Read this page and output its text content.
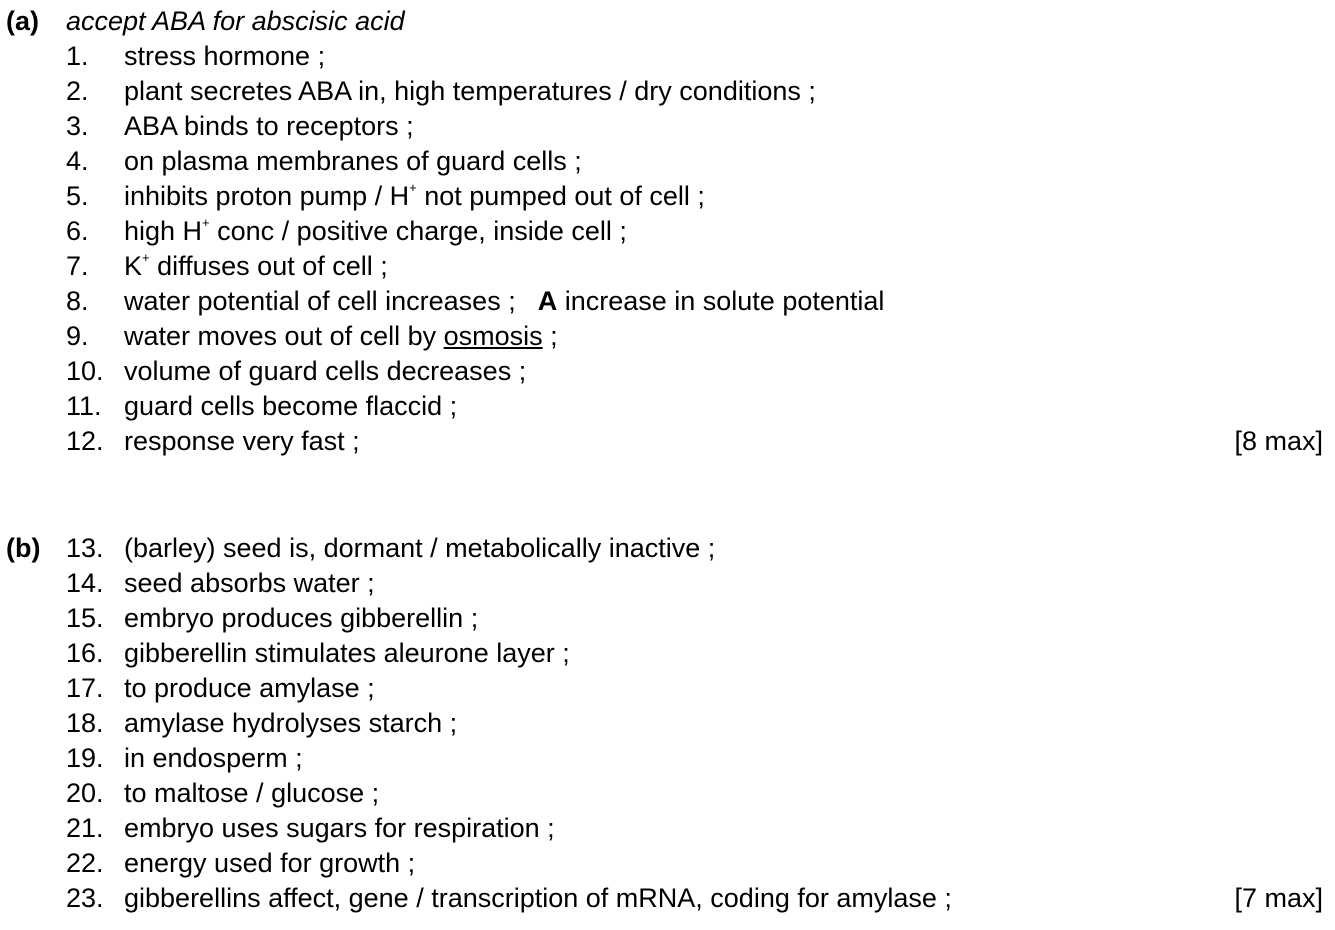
(a) accept ABA for abscisic acid
1. stress hormone ;
2. plant secretes ABA in, high temperatures / dry conditions ;
3. ABA binds to receptors ;
4. on plasma membranes of guard cells ;
5. inhibits proton pump / H+ not pumped out of cell ;
6. high H+ conc / positive charge, inside cell ;
7. K+ diffuses out of cell ;
8. water potential of cell increases ; A increase in solute potential
9. water moves out of cell by osmosis ;
10. volume of guard cells decreases ;
11. guard cells become flaccid ;
12. response very fast ;	[8 max]
(b) 13. (barley) seed is, dormant / metabolically inactive ;
14. seed absorbs water ;
15. embryo produces gibberellin ;
16. gibberellin stimulates aleurone layer ;
17. to produce amylase ;
18. amylase hydrolyses starch ;
19. in endosperm ;
20. to maltose / glucose ;
21. embryo uses sugars for respiration ;
22. energy used for growth ;
23. gibberellins affect, gene / transcription of mRNA, coding for amylase ;	[7 max]
